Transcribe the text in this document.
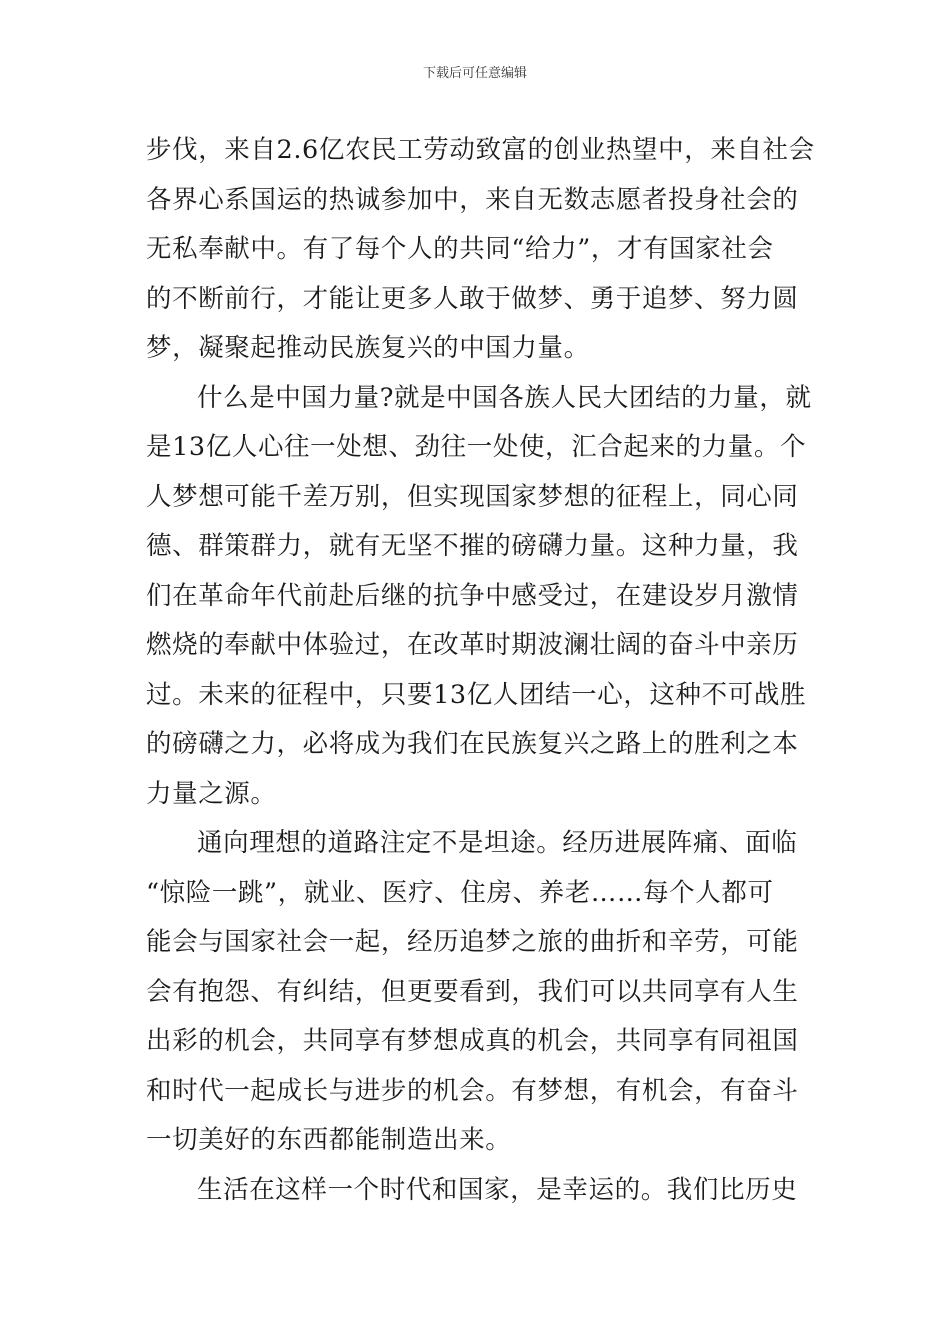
下载后可任意编辑
步伐，来自2.6亿农民工劳动致富的创业热望中，来自社会
各界心系国运的热诚参加中，来自无数志愿者投身社会的
无私奉献中。有了每个人的共同“给力”，才有国家社会
的不断前行，才能让更多人敢于做梦、勇于追梦、努力圆
梦，凝聚起推动民族复兴的中国力量。
什么是中国力量?就是中国各族人民大团结的力量，就
是13亿人心往一处想、劲往一处使，汇合起来的力量。个
人梦想可能千差万别，但实现国家梦想的征程上，同心同
德、群策群力，就有无坚不摧的磅礴力量。这种力量，我
们在革命年代前赴后继的抗争中感受过，在建设岁月激情
燃烧的奉献中体验过，在改革时期波澜壮阔的奋斗中亲历
过。未来的征程中，只要13亿人团结一心，这种不可战胜
的磅礴之力，必将成为我们在民族复兴之路上的胜利之本
力量之源。
通向理想的道路注定不是坦途。经历进展阵痛、面临
“惊险一跳”，就业、医疗、住房、养老……每个人都可
能会与国家社会一起，经历追梦之旅的曲折和辛劳，可能
会有抱怨、有纠结，但更要看到，我们可以共同享有人生
出彩的机会，共同享有梦想成真的机会，共同享有同祖国
和时代一起成长与进步的机会。有梦想，有机会，有奋斗
一切美好的东西都能制造出来。
生活在这样一个时代和国家，是幸运的。我们比历史
